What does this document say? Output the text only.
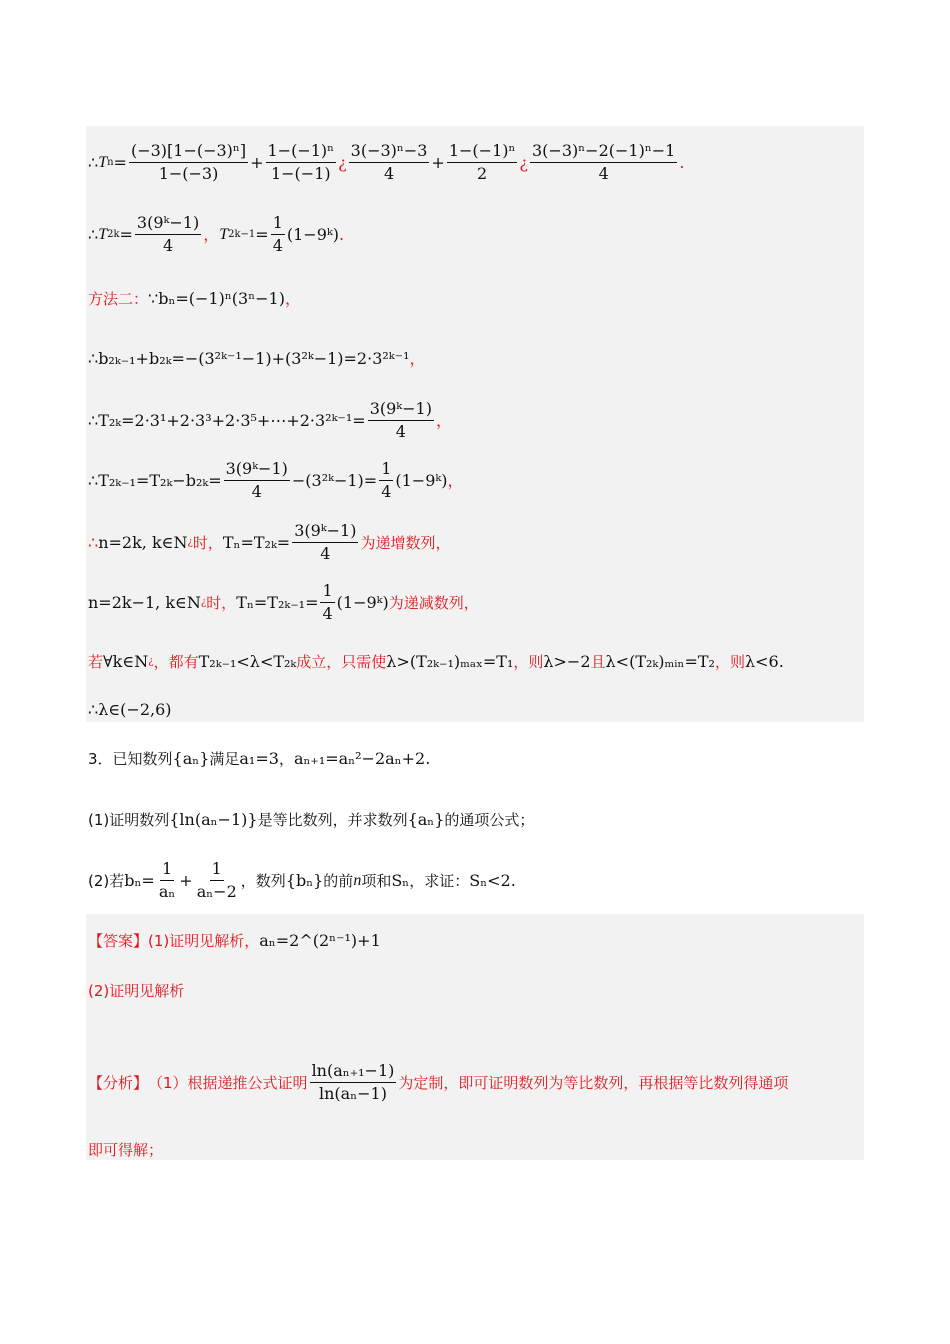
∴ T $n = \frac{\text{(−3)[1−(−3)ⁿ]}}{1-(-3)} + \frac{\text{1−(−1)ⁿ}}{1-(-1)}$ ¿ $\frac{\text{3(−3)ⁿ−3}}{4} + \frac{\text{1−(−1)ⁿ}}{2}$ ¿ $\frac{\text{3(−3)ⁿ−2(−1)ⁿ−1}}{4}$ .
∴ T $2k = \frac{\text{3(9ᵏ−1)}}{4}$ ， T $2k-1 = \frac{1}{4}$ (1−9ᵏ) .
方法二： ∵ bₙ=(−1)ⁿ(3ⁿ−1) ，
∴ b₂ₖ₋₁+b₂ₖ=−(3²ᵏ⁻¹−1)+(3²ᵏ−1)=2·3²ᵏ⁻¹ ，
∴ T₂ₖ=2·3¹+2·3³+2·3⁵+⋯+2·3²ᵏ⁻¹= $\frac{\text{3(9ᵏ−1)}}{4}$ ，
∴ $T_{2k-1}=T_{2k}-b_{2k}= \frac{\text{3(9ᵏ−1)}}{4}$ −(3²ᵏ−1)= $\frac{1}{4}$ (1−9ᵏ) ，
∴ n=2k, k∈N ¿ 时， $T_n=T_{2k}= \frac{\text{3(9ᵏ−1)}}{4}$ 为递增数列，
n=2k−1, k∈N ¿ 时， $T_n=T_{2k-1}= \frac{1}{4}$ (1−9ᵏ) 为递减数列，
若 ∀k∈N ¿ ，都有 T₂ₖ₋₁<λ<T₂ₖ 成立，只需使 λ>(T₂ₖ₋₁)ₘₐₓ=T₁ ，则 λ>−2 且 λ<(T₂ₖ)ₘᵢₙ=T₂ ，则 λ<6 .
∴ λ∈(−2,6)
3．已知数列 {aₙ} 满足 a₁=3 ， aₙ₊₁=aₙ²−2aₙ+2 .
(1)证明数列 {ln(aₙ−1)} 是等比数列，并求数列 {aₙ} 的通项公式；
(2)若 $b_n= \frac{1}{\text{aₙ}} + \frac{1}{\text{aₙ−2}}$ ，数列 {bₙ} 的前 n 项和 Sₙ ，求证： Sₙ<2 .
【答案】 (1)证明见解析， aₙ=2^(2ⁿ⁻¹)+1
(2)证明见解析
【分析】 （1）根据递推公式证明 $\frac{\text{ln(aₙ₊₁−1)}}{\text{ln(aₙ−1)}}$ 为定制，即可证明数列为等比数列，再根据等比数列得通项
即可得解；
